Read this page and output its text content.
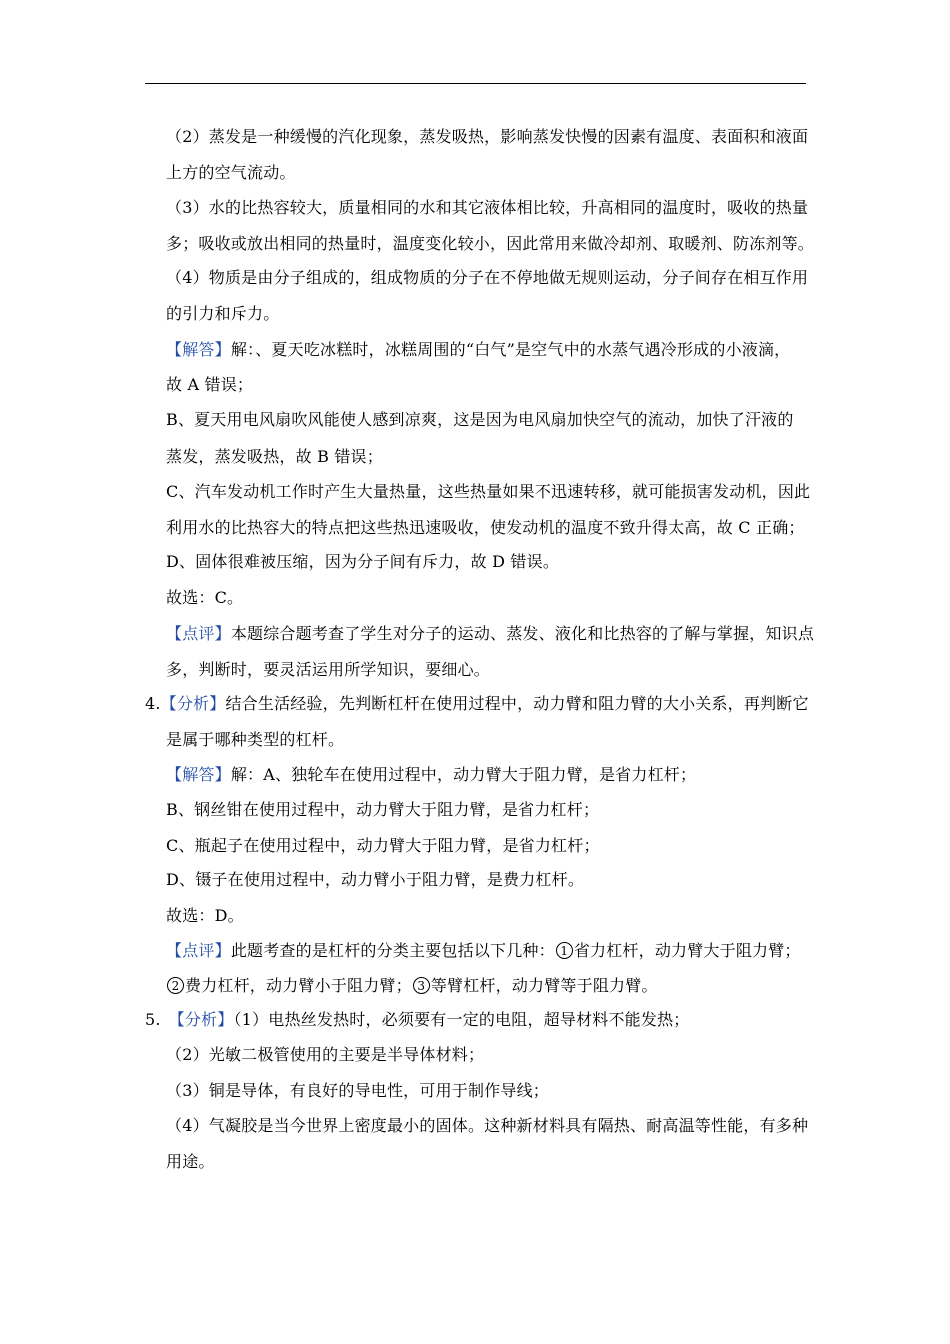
（2）蒸发是一种缓慢的汽化现象，蒸发吸热，影响蒸发快慢的因素有温度、表面积和液面
上方的空气流动。
（3）水的比热容较大，质量相同的水和其它液体相比较，升高相同的温度时，吸收的热量
多；吸收或放出相同的热量时，温度变化较小，因此常用来做冷却剂、取暖剂、防冻剂等。
（4）物质是由分子组成的，组成物质的分子在不停地做无规则运动，分子间存在相互作用
的引力和斥力。
【解答】解：、夏天吃冰糕时，冰糕周围的“白气”是空气中的水蒸气遇冷形成的小液滴，
故 A 错误；
B、夏天用电风扇吹风能使人感到凉爽，这是因为电风扇加快空气的流动，加快了汗液的
蒸发，蒸发吸热，故 B 错误；
C、汽车发动机工作时产生大量热量，这些热量如果不迅速转移，就可能损害发动机，因此
利用水的比热容大的特点把这些热迅速吸收，使发动机的温度不致升得太高，故 C 正确；
D、固体很难被压缩，因为分子间有斥力，故 D 错误。
故选：C。
【点评】本题综合题考查了学生对分子的运动、蒸发、液化和比热容的了解与掌握，知识点
多，判断时，要灵活运用所学知识，要细心。
4.【分析】结合生活经验，先判断杠杆在使用过程中，动力臂和阻力臂的大小关系，再判断它
是属于哪种类型的杠杆。
【解答】解：A、独轮车在使用过程中，动力臂大于阻力臂，是省力杠杆；
B、钢丝钳在使用过程中，动力臂大于阻力臂，是省力杠杆；
C、瓶起子在使用过程中，动力臂大于阻力臂，是省力杠杆；
D、镊子在使用过程中，动力臂小于阻力臂，是费力杠杆。
故选：D。
【点评】此题考查的是杠杆的分类主要包括以下几种： 1 省力杠杆，动力臂大于阻力臂；
2 费力杠杆，动力臂小于阻力臂； 3 等臂杠杆，动力臂等于阻力臂。
5. 【分析】（1）电热丝发热时，必须要有一定的电阻，超导材料不能发热；
（2）光敏二极管使用的主要是半导体材料；
（3）铜是导体，有良好的导电性，可用于制作导线；
（4）气凝胶是当今世界上密度最小的固体。这种新材料具有隔热、耐高温等性能，有多种
用途。
